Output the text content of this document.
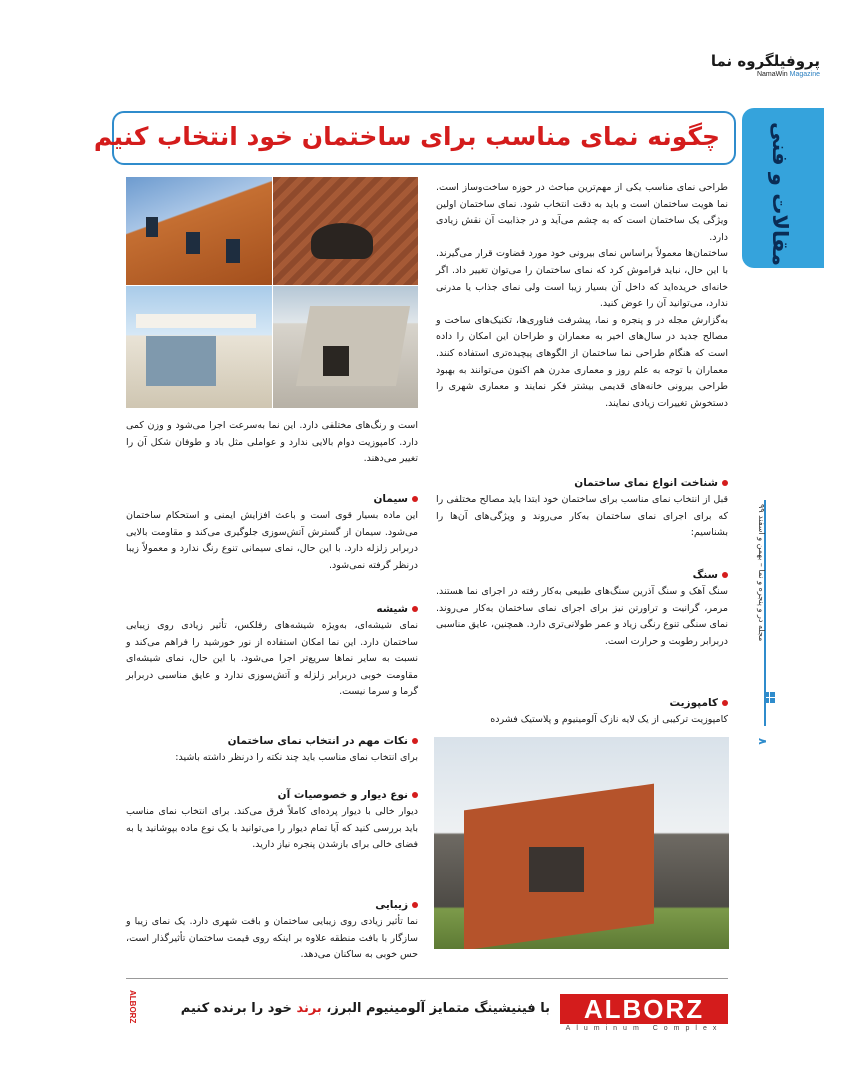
پروفیلگروه نما
NamaWin Magazine
مقالات و فنی
چگونه نمای مناسب برای ساختمان خود انتخاب کنیم

طراحی نمای مناسب یکی از مهم‌ترین مباحث در حوزه ساخت‌وساز است. نما هویت ساختمان است و باید به دقت انتخاب شود. نمای ساختمان اولین ویژگی یک ساختمان است که به چشم می‌آید و در جذابیت آن نقش زیادی دارد.

ساختمان‌ها معمولاً براساس نمای بیرونی خود مورد قضاوت قرار می‌گیرند. با این حال، نباید فراموش کرد که نمای ساختمان را می‌توان تغییر داد. اگر خانه‌ای خریده‌اید که داخل آن بسیار زیبا است ولی نمای جذاب یا مدرنی ندارد، می‌توانید آن را عوض کنید.

به‌گزارش مجله در و پنجره و نما، پیشرفت فناوری‌ها، تکنیک‌های ساخت و مصالح جدید در سال‌های اخیر به معماران و طراحان این امکان را داده است که هنگام طراحی نما ساختمان از الگوهای پیچیده‌تری استفاده کنند. معماران با توجه به علم روز و معماری مدرن هم اکنون می‌توانند به بهبود طراحی بیرونی خانه‌های قدیمی بیشتر فکر نمایند و معماری شهری را دستخوش تغییرات زیادی نمایند.

شناخت انواع نمای ساختمان

قبل از انتخاب نمای مناسب برای ساختمان خود ابتدا باید مصالح مختلفی را که برای اجرای نمای ساختمان به‌کار می‌روند و ویژگی‌های آن‌ها را بشناسیم:

سنگ

سنگ آهک و سنگ آذرین سنگ‌های طبیعی به‌کار رفته در اجرای نما هستند. مرمر، گرانیت و تراورتن نیز برای اجرای نمای ساختمان به‌کار می‌روند. نمای سنگی تنوع رنگی زیاد و عمر طولانی‌تری دارد. همچنین، عایق مناسبی دربرابر رطوبت و حرارت است.

کامپوزیت

کامپوزیت ترکیبی از یک لایه نازک آلومینیوم و پلاستیک فشرده

است و رنگ‌های مختلفی دارد. این نما به‌سرعت اجرا می‌شود و وزن کمی دارد. کامپوزیت دوام بالایی ندارد و عواملی مثل باد و طوفان شکل آن را تغییر می‌دهند.
سیمان

این ماده بسیار قوی است و باعث افزایش ایمنی و استحکام ساختمان می‌شود. سیمان از گسترش آتش‌سوزی جلوگیری می‌کند و مقاومت بالایی دربرابر زلزله دارد. با این حال، نمای سیمانی تنوع رنگ ندارد و معمولاً زیبا درنظر گرفته نمی‌شود.

شیشه

نمای شیشه‌ای، به‌ویژه شیشه‌های رفلکس، تأثیر زیادی روی زیبایی ساختمان دارد. این نما امکان استفاده از نور خورشید را فراهم می‌کند و نسبت به سایر نماها سریع‌تر اجرا می‌شود. با این حال، نمای شیشه‌ای مقاومت خوبی دربرابر زلزله و آتش‌سوزی ندارد و عایق مناسبی دربرابر گرما و سرما نیست.

نکات مهم در انتخاب نمای ساختمان

برای انتخاب نمای مناسب باید چند نکته را درنظر داشته باشید:

نوع دیوار و خصوصیات آن

دیوار خالی با دیوار پرده‌ای کاملاً فرق می‌کند. برای انتخاب نمای مناسب باید بررسی کنید که آیا تمام دیوار را می‌توانید با یک نوع ماده بپوشانید یا به فضای خالی برای بازشدن پنجره نیاز دارید.

زیبایی

نما تأثیر زیادی روی زیبایی ساختمان و بافت شهری دارد. یک نمای زیبا و سازگار با بافت منطقه علاوه بر اینکه روی قیمت ساختمان تأثیرگذار است، حس خوبی به ساکنان می‌دهد.

مجله در و پنجره و نما – بهمن و اسفند ۹۹
۸
ALBORZ
Aluminum Complex
با فینیشینگ متمایز آلومینیوم البرز، برند خود را برنده کنیم
ALBORZ
